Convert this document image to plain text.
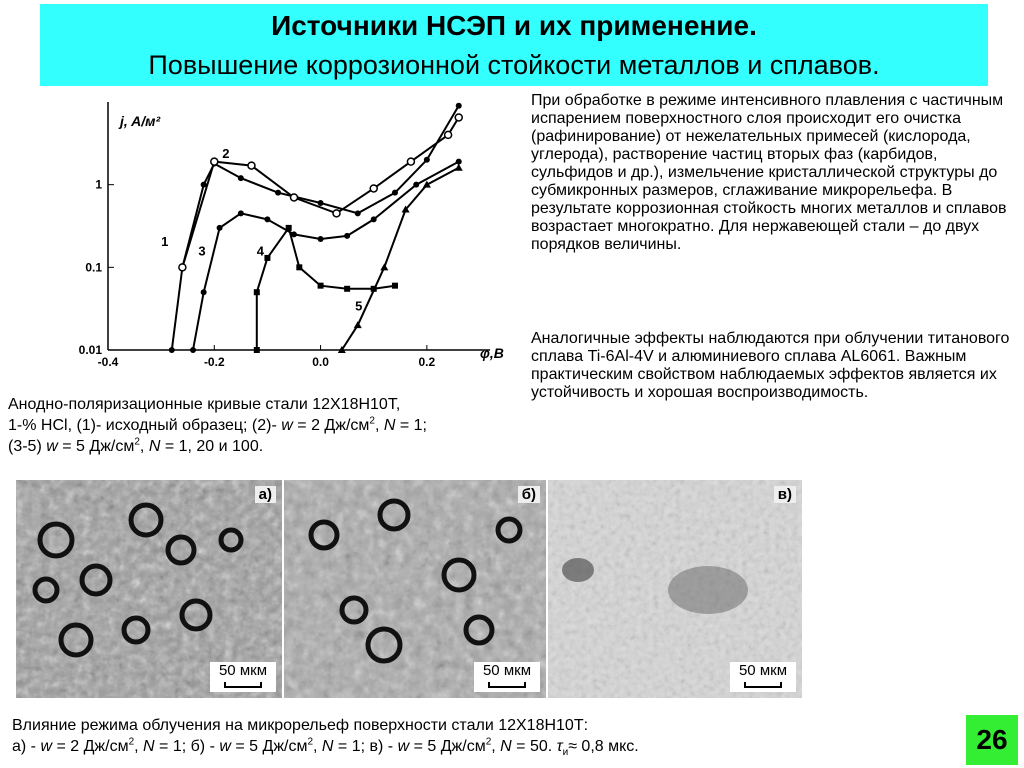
Источники НСЭП и их применение.
Повышение коррозионной стойкости металлов и сплавов.
-0.4	-0.2	0.0	0.2
0.01
0.1
1
j, A/м²
φ,B
1
2
3	4
5
Анодно-поляризационные кривые стали 12Х18Н10Т,
1-% HCl, (1)- исходный образец; (2)- w = 2 $Дж/см^2$, N = 1;
(3-5) w = 5 $Дж/см^2$, N = 1, 20 и 100.
При обработке в режиме интенсивного плавления с частичным испарением поверхностного слоя происходит его очистка (рафинирование) от нежелательных примесей (кислорода, углерода), растворение частиц вторых фаз (карбидов, сульфидов и др.), измельчение кристаллической структуры до субмикронных размеров, сглаживание микрорельефа. В результате коррозионная стойкость многих металлов и сплавов возрастает многократно. Для нержавеющей стали – до двух порядков величины.
Аналогичные эффекты наблюдаются при облучении титанового сплава Ti-6Al-4V и алюминиевого сплава AL6061. Важным практическим свойством наблюдаемых эффектов является их устойчивость и хорошая воспроизводимость.
а)
50 мкм
б)
50 мкм
в)
50 мкм
Влияние режима облучения на микрорельеф поверхности стали 12Х18Н10Т:
а) - w = 2 $Дж/см^2$, N = 1; б) - w = 5 $Дж/см^2$, N = 1; в) - w = 5 $Дж/см^2$, N = 50. $\tau_и\approx 0,8$ мкс.	26
